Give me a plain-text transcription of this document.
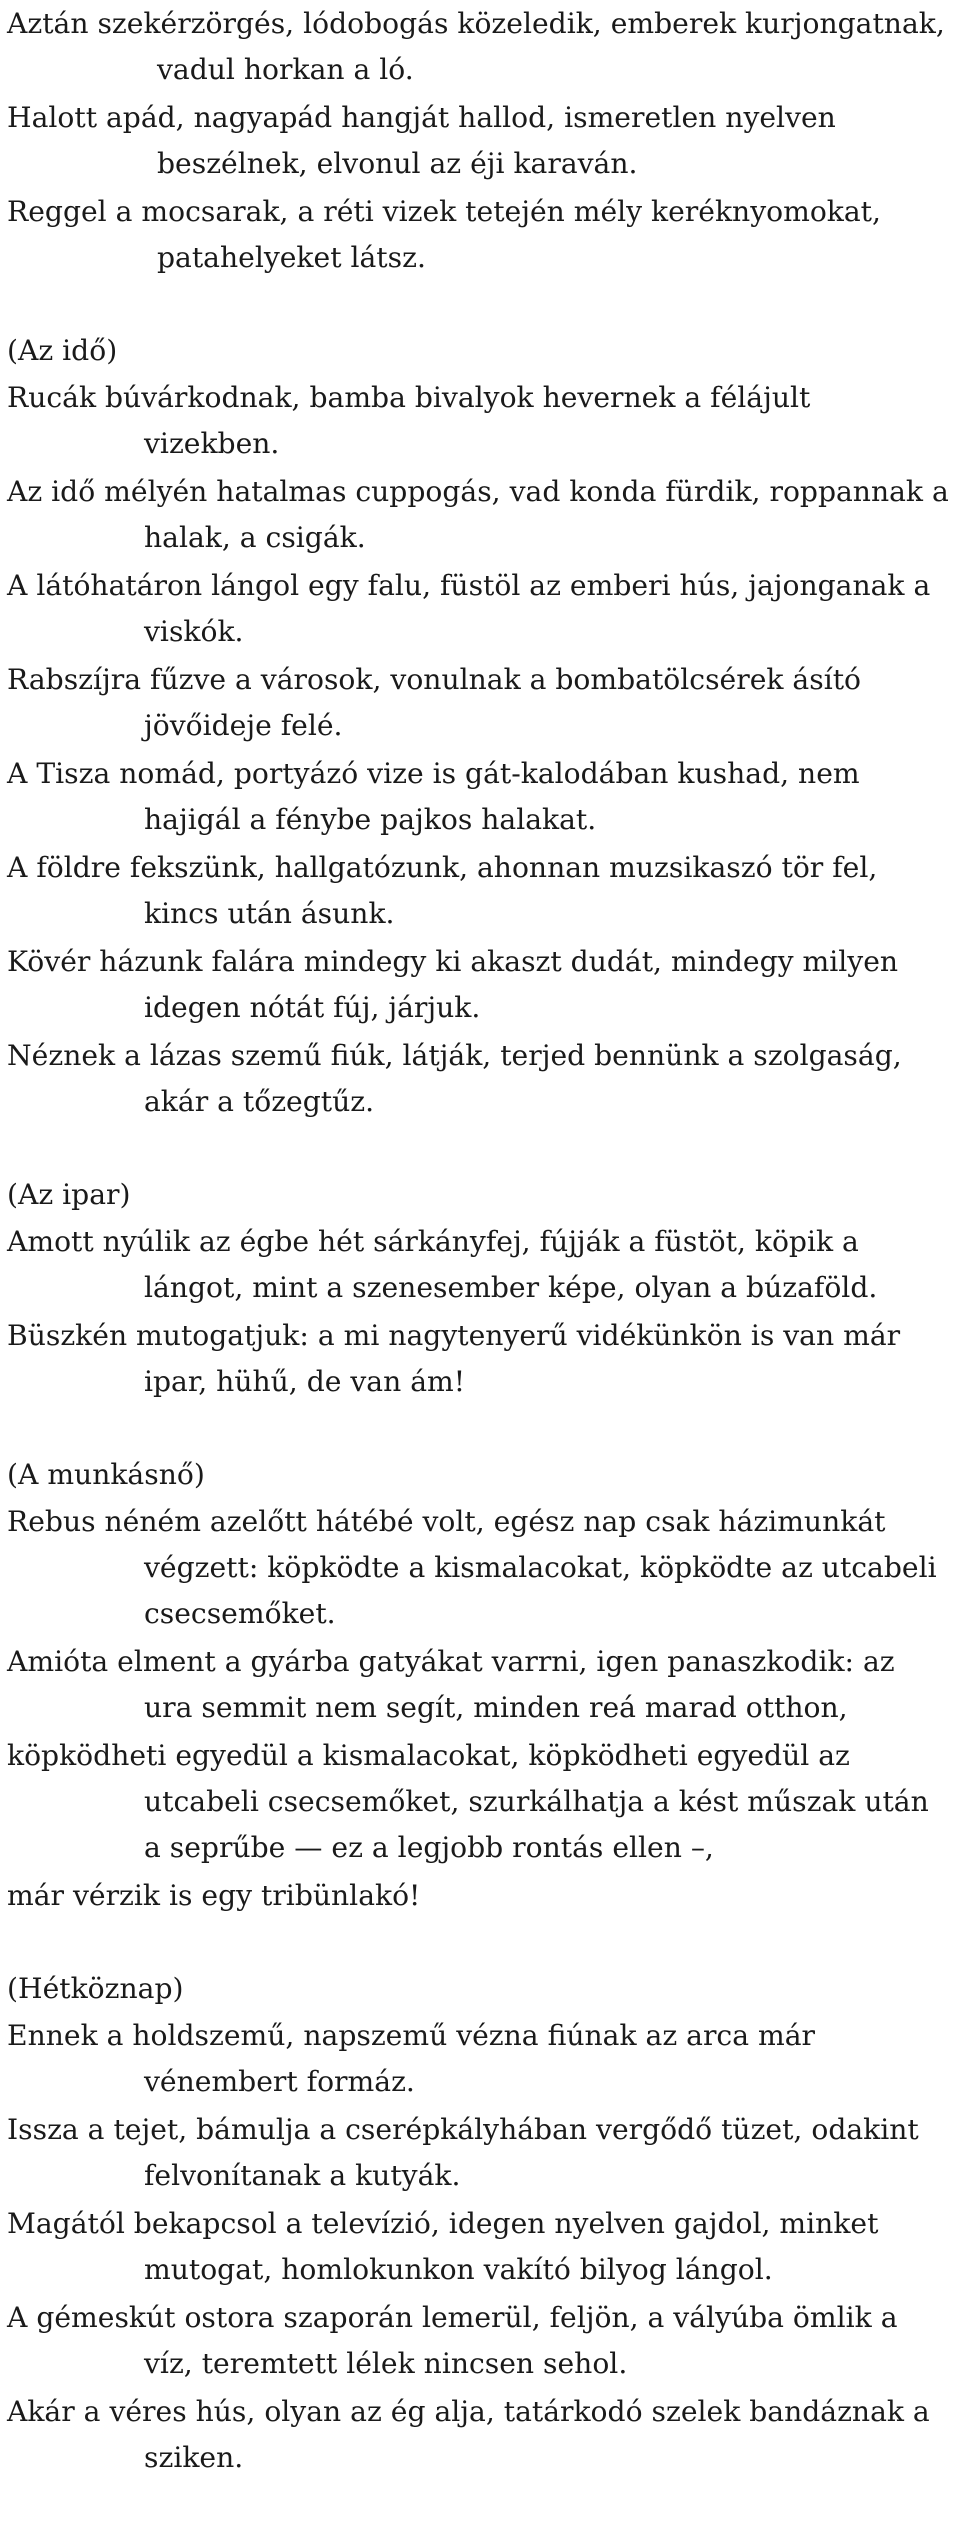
Aztán szekérzörgés, lódobogás közeledik, emberek kurjongatnak, vadul horkan a ló.

Halott apád, nagyapád hangját hallod, ismeretlen nyelven beszélnek, elvonul az éji karaván.

Reggel a mocsarak, a réti vizek tetején mély keréknyomokat, patahelyeket látsz.

(Az idő)

Rucák búvárkodnak, bamba bivalyok hevernek a félájult vizekben.

Az idő mélyén hatalmas cuppogás, vad konda fürdik, roppannak a halak, a csigák.

A látóhatáron lángol egy falu, füstöl az emberi hús, jajonganak a viskók.

Rabszíjra fűzve a városok, vonulnak a bombatölcsérek ásító jövőideje felé.

A Tisza nomád, portyázó vize is gát-kalodában kushad, nem hajigál a fénybe pajkos halakat.

A földre fekszünk, hallgatózunk, ahonnan muzsikaszó tör fel, kincs után ásunk.

Kövér házunk falára mindegy ki akaszt dudát, mindegy milyen idegen nótát fúj, járjuk.

Néznek a lázas szemű fiúk, látják, terjed bennünk a szolgaság, akár a tőzegtűz.

(Az ipar)

Amott nyúlik az égbe hét sárkányfej, fújják a füstöt, köpik a lángot, mint a szenesember képe, olyan a búzaföld.

Büszkén mutogatjuk: a mi nagytenyerű vidékünkön is van már ipar, hühű, de van ám!

(A munkásnő)

Rebus néném azelőtt hátébé volt, egész nap csak házimunkát végzett: köpködte a kismalacokat, köpködte az utcabeli csecsemőket.

Amióta elment a gyárba gatyákat varrni, igen panaszkodik: az ura semmit nem segít, minden reá marad otthon,

köpködheti egyedül a kismalacokat, köpködheti egyedül az utcabeli csecsemőket, szurkálhatja a kést műszak után a seprűbe — ez a legjobb rontás ellen –,

már vérzik is egy tribünlakó!

(Hétköznap)

Ennek a holdszemű, napszemű vézna fiúnak az arca már vénembert formáz.

Issza a tejet, bámulja a cserépkályhában vergődő tüzet, odakint felvonítanak a kutyák.

Magától bekapcsol a televízió, idegen nyelven gajdol, minket mutogat, homlokunkon vakító bilyog lángol.

A gémeskút ostora szaporán lemerül, feljön, a vályúba ömlik a víz, teremtett lélek nincsen sehol.

Akár a véres hús, olyan az ég alja, tatárkodó szelek bandáznak a sziken.
